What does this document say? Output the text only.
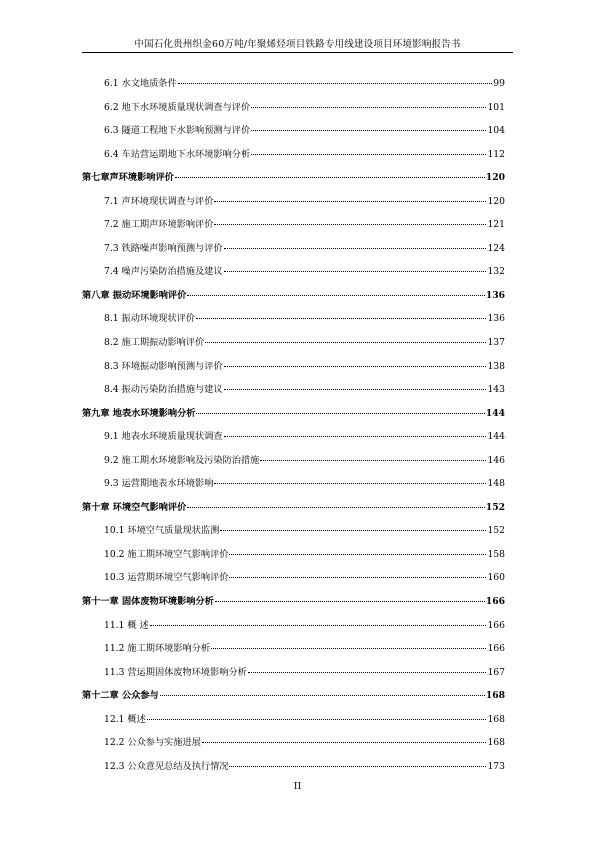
中国石化贵州织金60万吨/年聚烯烃项目铁路专用线建设项目环境影响报告书
6.1 水文地质条件	99
6.2 地下水环境质量现状调查与评价	101
6.3 隧道工程地下水影响预测与评价	104
6.4 车站营运期地下水环境影响分析	112
第七章声环境影响评价	120
7.1 声环境现状调查与评价	120
7.2 施工期声环境影响评价	121
7.3 铁路噪声影响预测与评价	124
7.4 噪声污染防治措施及建议	132
第八章 振动环境影响评价	136
8.1 振动环境现状评价	136
8.2 施工期振动影响评价	137
8.3 环境振动影响预测与评价	138
8.4 振动污染防治措施与建议	143
第九章 地表水环境影响分析	144
9.1 地表水环境质量现状调查	144
9.2 施工期水环境影响及污染防治措施	146
9.3 运营期地表水环境影响	148
第十章 环境空气影响评价	152
10.1 环境空气质量现状监测	152
10.2 施工期环境空气影响评价	158
10.3 运营期环境空气影响评价	160
第十一章 固体废物环境影响分析	166
11.1 概 述	166
11.2 施工期环境影响分析	166
11.3 营运期固体废物环境影响分析	167
第十二章 公众参与	168
12.1 概述	168
12.2 公众参与实施进展	168
12.3 公众意见总结及执行情况	173
II
